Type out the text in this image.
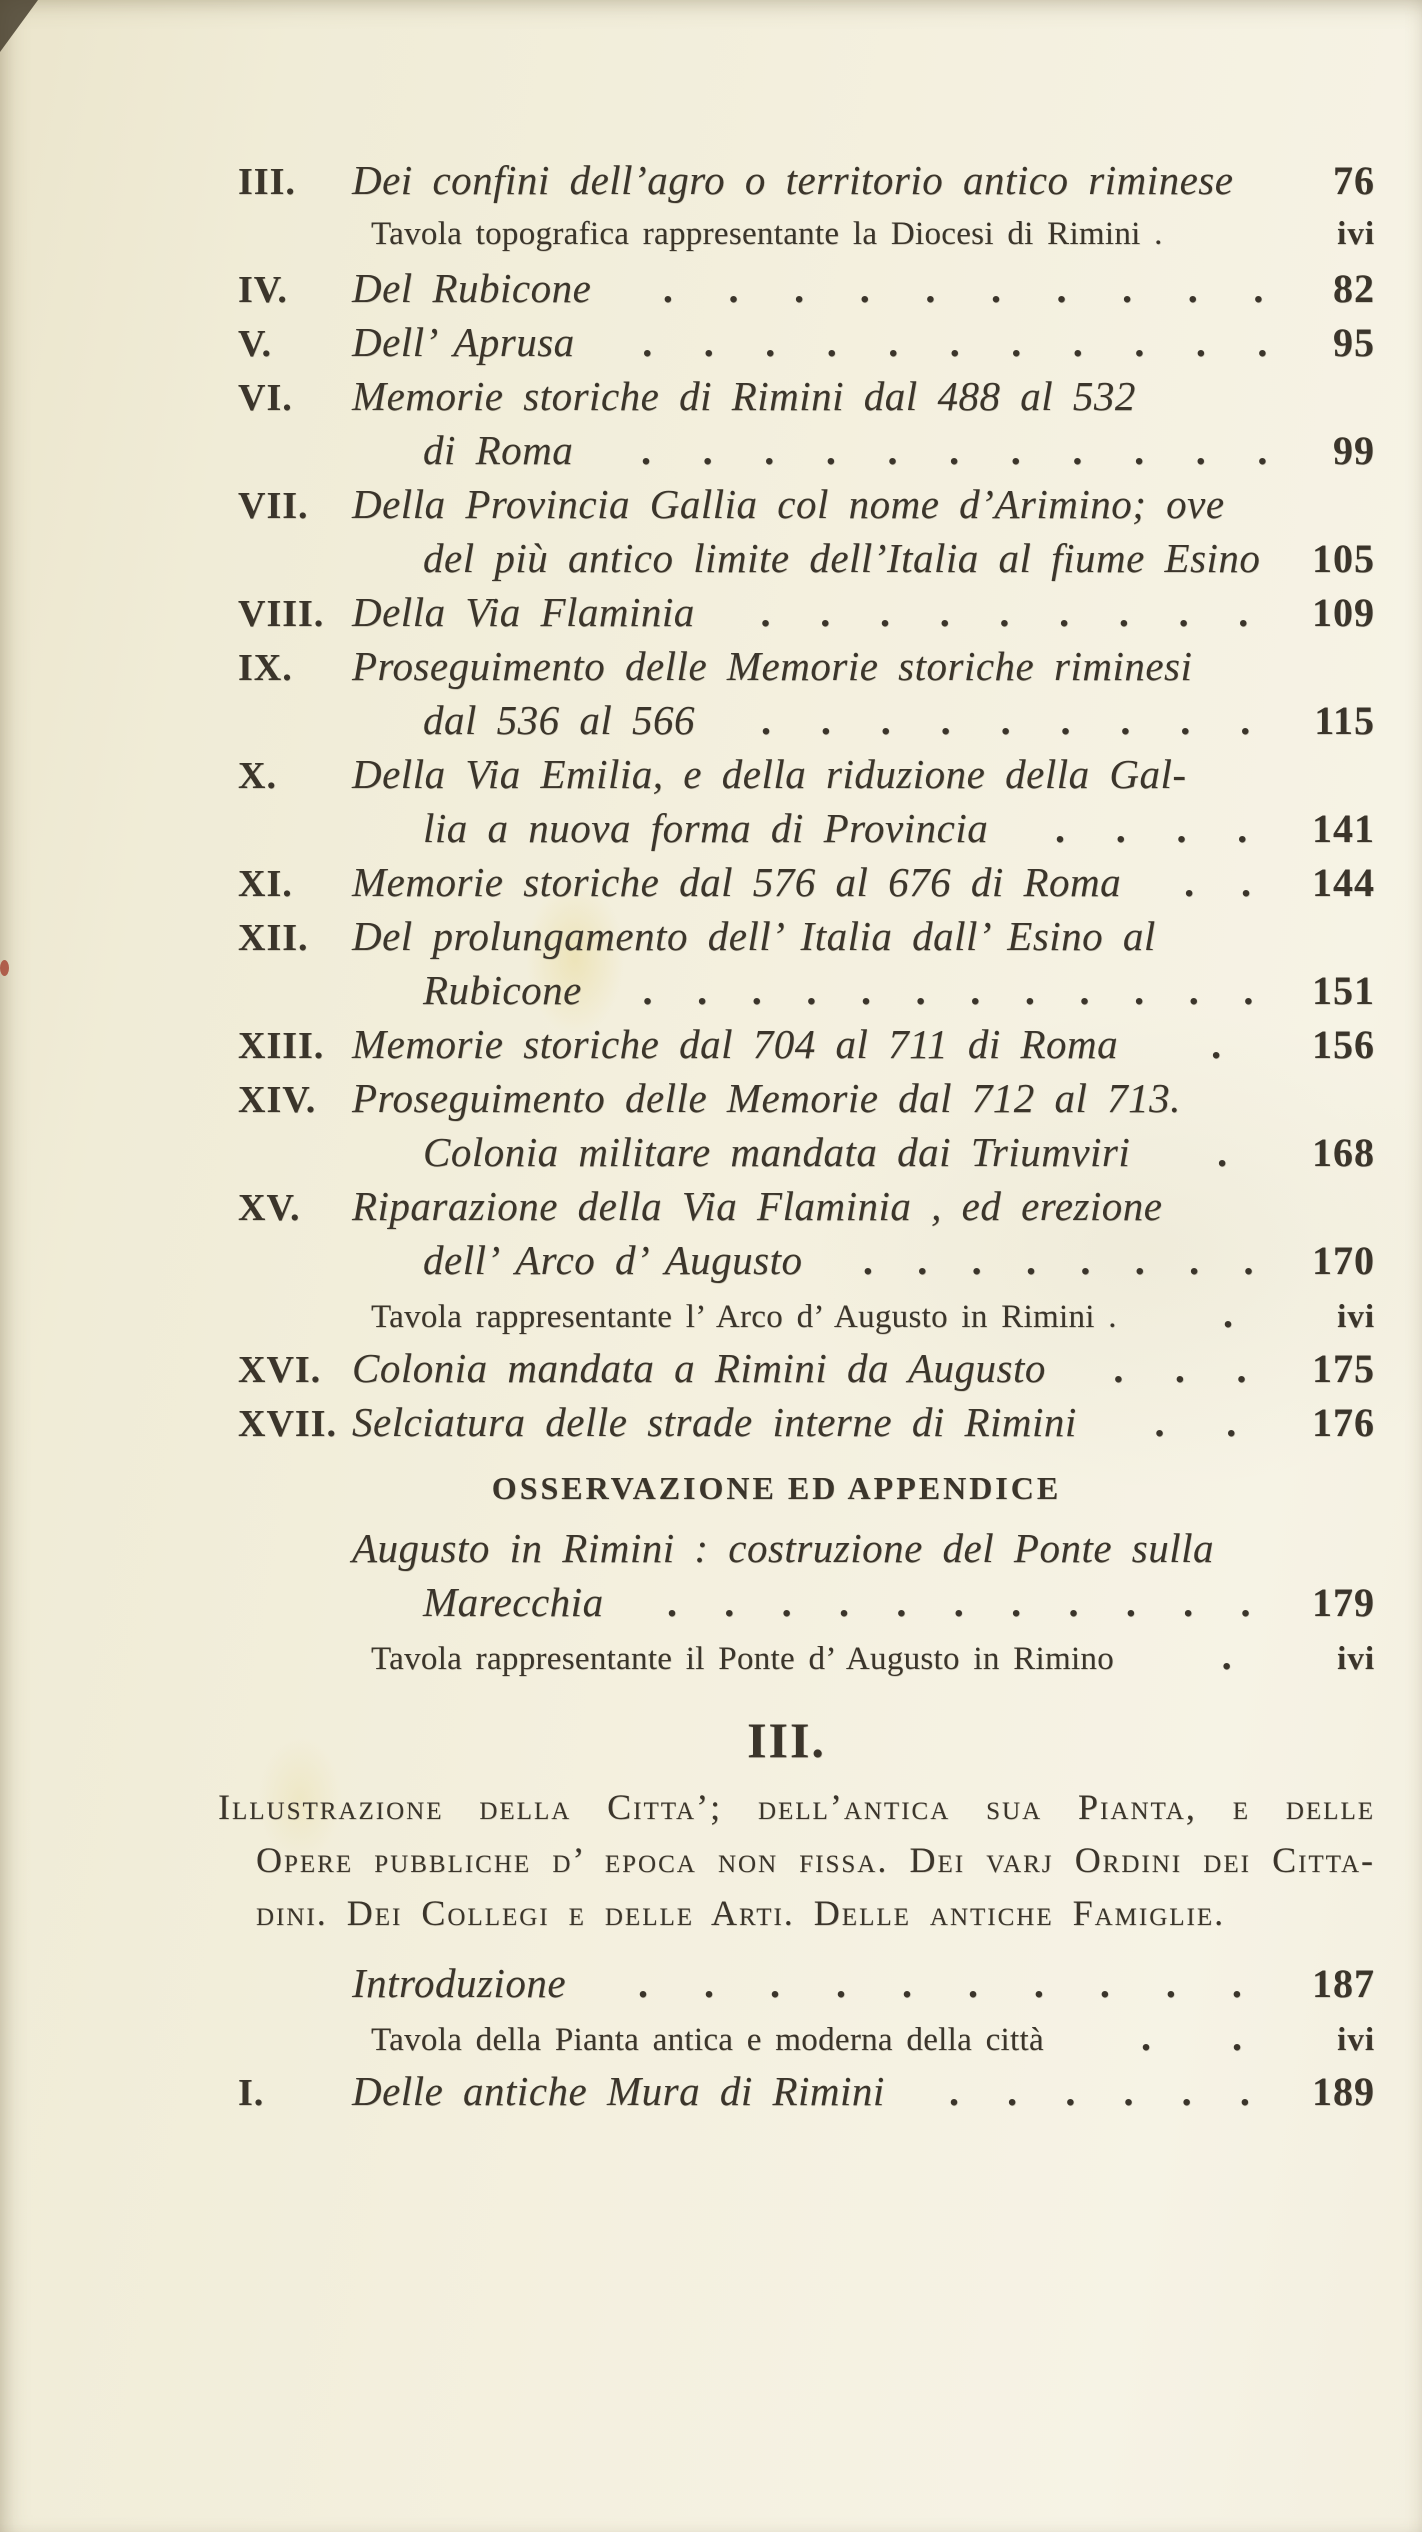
III.	Dei confini dell’agro o territorio antico riminese 76
Tavola topografica rappresentante la Diocesi di Rimini .	ivi
IV.	Del Rubicone . . . . . . . . . . 82
V.	Dell’ Aprusa . . . . . . . . . . . 95
VI.	Memorie storiche di Rimini dal 488 al 532
di Roma . . . . . . . . . . . 99
VII.	Della Provincia Gallia col nome d’Arimino; ove
del più antico limite dell’Italia al fiume Esino 105
VIII. Della Via Flaminia . . . . . . . . . 109
IX.	Proseguimento delle Memorie storiche riminesi
dal 536 al 566 . . . . . . . . . 115
X.	Della Via Emilia, e della riduzione della Gal-
lia a nuova forma di Provincia . . . . 141
XI.	Memorie storiche dal 576 al 676 di Roma . . 144
XII.	Del prolungamento dell’ Italia dall’ Esino al
Rubicone . . . . . . . . . . . . 151
XIII. Memorie storiche dal 704 al 711 di Roma . 156
XIV. Proseguimento delle Memorie dal 712 al 713.
Colonia militare mandata dai Triumviri . 168
XV.	Riparazione della Via Flaminia , ed erezione
dell’ Arco d’ Augusto . . . . . . . . 170
Tavola rappresentante l’ Arco d’ Augusto in Rimini .	.	ivi
XVI. Colonia mandata a Rimini da Augusto . . . 175
XVII. Selciatura delle strade interne di Rimini . . 176
OSSERVAZIONE ED APPENDICE
Augusto in Rimini : costruzione del Ponte sulla
Marecchia . . . . . . . . . . . 179
Tavola rappresentante il Ponte d’ Augusto in Rimino	.	ivi
III.
Illustrazione della Citta’; dell’antica sua Pianta, e delle
Opere pubbliche d’ epoca non fissa. Dei varj Ordini dei Citta-
dini. Dei Collegi e delle Arti. Delle antiche Famiglie.
Introduzione . . . . . . . . . . 187
Tavola della Pianta antica e moderna della città . .	ivi
I.	Delle antiche Mura di Rimini . . . . . . 189
